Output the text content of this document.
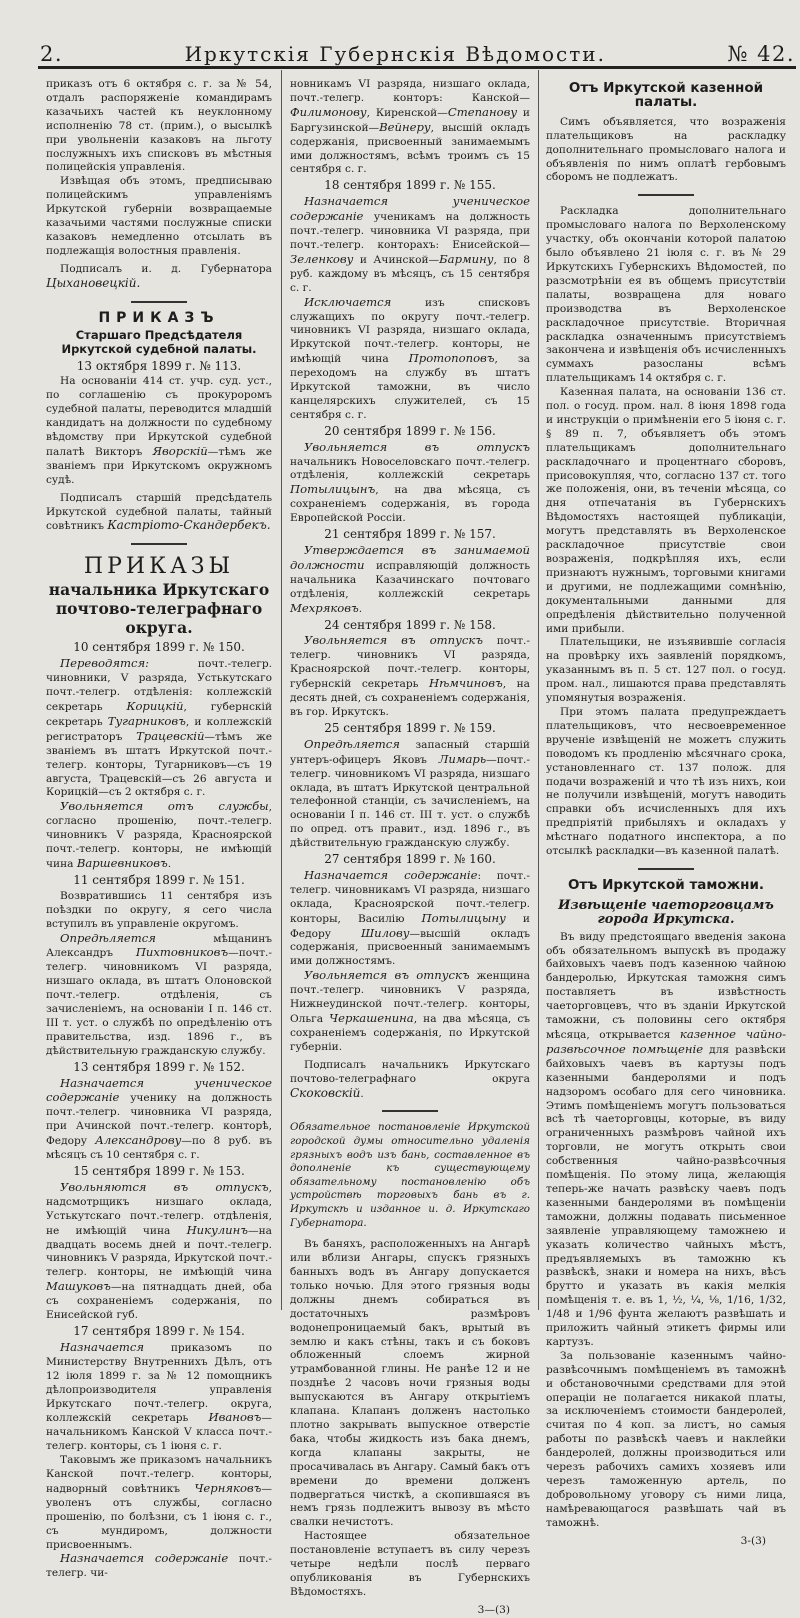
2.	Иркутскія Губернскія Вѣдомости.	№ 42.
приказъ отъ 6 октября с. г. за № 54, отдалъ распоряженіе командирамъ казачьихъ частей къ неуклонному исполненію 78 ст. (прим.), о высылкѣ при увольненіи казаковъ на льготу послужныхъ ихъ списковъ въ мѣстныя полицейскія управленія.
Извѣщая объ этомъ, предписываю полицейскимъ управленіямъ Иркутской губерніи возвращаемые казачьими частями послужные списки казаковъ немедленно отсылать въ подлежащія волостныя правленія.
Подписалъ и. д. Губернатора Цыхановецкій.
ПРИКАЗЪ
Старшаго Предсѣдателя Иркутской судебной палаты.
13 октября 1899 г. № 113.
На основаніи 414 ст. учр. суд. уст., по соглашенію съ прокуроромъ судебной палаты, переводится младшій кандидатъ на должности по судебному вѣдомству при Иркутской судебной палатѣ Викторъ Яворскій—тѣмъ же званіемъ при Иркутскомъ окружномъ судѣ.
Подписалъ старшій предсѣдатель Иркутской судебной палаты, тайный совѣтникъ Кастріото-Скандербекъ.
ПРИКАЗЫ
начальника Иркутскаго почтово-телеграфнаго округа.
10 сентября 1899 г. № 150.
Переводятся: почт.-телегр. чиновники, V разряда, Устькутскаго почт.-телегр. отдѣленія: коллежскій секретарь Корицкій, губернскій секретарь Тугарниковъ, и коллежскій регистраторъ Трацевскій—тѣмъ же званіемъ въ штатъ Иркутской почт.-телегр. конторы, Тугарниковъ—съ 19 августа, Трацевскій—съ 26 августа и Корицкій—съ 2 октября с. г.
Увольняется отъ службы, согласно прошенію, почт.-телегр. чиновникъ V разряда, Красноярской почт.-телегр. конторы, не имѣющій чина Варшевниковъ.
11 сентября 1899 г. № 151.
Возвратившись 11 сентября изъ поѣздки по округу, я сего числа вступилъ въ управленіе округомъ.
Опредѣляется мѣщанинъ Александръ Пихтовниковъ—почт.-телегр. чиновникомъ VI разряда, низшаго оклада, въ штатъ Олоновской почт.-телегр. отдѣленія, съ зачисленіемъ, на основаніи I п. 146 ст. III т. уст. о службѣ по опредѣленію отъ правительства, изд. 1896 г., въ дѣйствительную гражданскую службу.
13 сентября 1899 г. № 152.
Назначается ученическое содержаніе ученику на должность почт.-телегр. чиновника VI разряда, при Ачинской почт.-телегр. конторѣ, Федору Александрову—по 8 руб. въ мѣсяцъ съ 10 сентября с. г.
15 сентября 1899 г. № 153.
Увольняются въ отпускъ, надсмотрщикъ низшаго оклада, Устькутскаго почт.-телегр. отдѣленія, не имѣющій чина Никулинъ—на двадцать восемь дней и почт.-телегр. чиновникъ V разряда, Иркутской почт.-телегр. конторы, не имѣющій чина Машуковъ—на пятнадцать дней, оба съ сохраненіемъ содержанія, по Енисейской губ.
17 сентября 1899 г. № 154.
Назначается приказомъ по Министерству Внутреннихъ Дѣлъ, отъ 12 іюля 1899 г. за № 12 помощникъ дѣлопроизводителя управленія Иркутскаго почт.-телегр. округа, коллежскій секретарь Ивановъ—начальникомъ Канской V класса почт.-телегр. конторы, съ 1 іюня с. г.
Таковымъ же приказомъ начальникъ Канской почт.-телегр. конторы, надворный совѣтникъ Черняковъ—уволенъ отъ службы, согласно прошенію, по болѣзни, съ 1 іюня с. г., съ мундиромъ, должности присвоеннымъ.
Назначается содержаніе почт.-телегр. чи-
новникамъ VI разряда, низшаго оклада, почт.-телегр. конторъ: Канской—Филимонову, Киренской—Степанову и Баргузинской—Вейнеру, высшій окладъ содержанія, присвоенный занимаемымъ ими должностямъ, всѣмъ троимъ съ 15 сентября с. г.
18 сентября 1899 г. № 155.
Назначается ученическое содержаніе ученикамъ на должность почт.-телегр. чиновника VI разряда, при почт.-телегр. конторахъ: Енисейской—Зеленкову и Ачинской—Бармину, по 8 руб. каждому въ мѣсяцъ, съ 15 сентября с. г.
Исключается изъ списковъ служащихъ по округу почт.-телегр. чиновникъ VI разряда, низшаго оклада, Иркутской почт.-телегр. конторы, не имѣющій чина Протопоповъ, за переходомъ на службу въ штатъ Иркутской таможни, въ число канцелярскихъ служителей, съ 15 сентября с. г.
20 сентября 1899 г. № 156.
Увольняется въ отпускъ начальникъ Новоселовскаго почт.-телегр. отдѣленія, коллежскій секретарь Потылицынъ, на два мѣсяца, съ сохраненіемъ содержанія, въ города Европейской Россіи.
21 сентября 1899 г. № 157.
Утверждается въ занимаемой должности исправляющій должность начальника Казачинскаго почтоваго отдѣленія, коллежскій секретарь Мехряковъ.
24 сентября 1899 г. № 158.
Увольняется въ отпускъ почт.-телегр. чиновникъ VI разряда, Красноярской почт.-телегр. конторы, губернскій секретарь Нѣмчиновъ, на десять дней, съ сохраненіемъ содержанія, въ гор. Иркутскъ.
25 сентября 1899 г. № 159.
Опредѣляется запасный старшій унтеръ-офицеръ Яковъ Лимарь—почт.-телегр. чиновникомъ VI разряда, низшаго оклада, въ штатъ Иркутской центральной телефонной станціи, съ зачисленіемъ, на основаніи I п. 146 ст. III т. уст. о службѣ по опред. отъ правит., изд. 1896 г., въ дѣйствительную гражданскую службу.
27 сентября 1899 г. № 160.
Назначается содержаніе: почт.-телегр. чиновникамъ VI разряда, низшаго оклада, Красноярской почт.-телегр. конторы, Василію Потылицыну и Федору Шилову—высшій окладъ содержанія, присвоенный занимаемымъ ими должностямъ.
Увольняется въ отпускъ женщина почт.-телегр. чиновникъ V разряда, Нижнеудинской почт.-телегр. конторы, Ольга Черкашенина, на два мѣсяца, съ сохраненіемъ содержанія, по Иркутской губерніи.
Подписалъ начальникъ Иркутскаго почтово-телеграфнаго округа Скоковскій.
Обязательное постановленіе Иркутской городской думы относительно удаленія грязныхъ водъ изъ бань, составленное въ дополненіе къ существующему обязательному постановленію объ устройствѣ торговыхъ бань въ г. Иркутскѣ и изданное и. д. Иркутскаго Губернатора.
Въ баняхъ, расположенныхъ на Ангарѣ или вблизи Ангары, спускъ грязныхъ банныхъ водъ въ Ангару допускается только ночью. Для этого грязныя воды должны днемъ собираться въ достаточныхъ размѣровъ водонепроницаемый бакъ, врытый въ землю и какъ стѣны, такъ и съ боковъ обложенный слоемъ жирной утрамбованной глины. Не ранѣе 12 и не позднѣе 2 часовъ ночи грязныя воды выпускаются въ Ангару открытіемъ клапана. Клапанъ долженъ настолько плотно закрывать выпускное отверстіе бака, чтобы жидкость изъ бака днемъ, когда клапаны закрыты, не просачивалась въ Ангару. Самый бакъ отъ времени до времени долженъ подвергаться чисткѣ, а скопившаяся въ немъ грязь подлежитъ вывозу въ мѣсто свалки нечистотъ.
Настоящее обязательное постановленіе вступаетъ въ силу черезъ четыре недѣли послѣ перваго опубликованія въ Губернскихъ Вѣдомостяхъ.
3—(3)
Отъ Иркутской казенной палаты.
Симъ объявляется, что возраженія плательщиковъ на раскладку дополнительнаго промысловаго налога и объявленія по нимъ оплатѣ гербовымъ сборомъ не подлежатъ.
Раскладка дополнительнаго промысловаго налога по Верхоленскому участку, объ окончаніи которой палатою было объявлено 21 іюля с. г. въ № 29 Иркутскихъ Губернскихъ Вѣдомостей, по разсмотрѣніи ея въ общемъ присутствіи палаты, возвращена для новаго производства въ Верхоленское раскладочное присутствіе. Вторичная раскладка означеннымъ присутствіемъ закончена и извѣщенія объ исчисленныхъ суммахъ разосланы всѣмъ плательщикамъ 14 октября с. г.
Казенная палата, на основаніи 136 ст. пол. о госуд. пром. нал. 8 іюня 1898 года и инструкціи о примѣненіи его 5 іюня с. г. § 89 п. 7, объявляетъ объ этомъ плательщикамъ дополнительнаго раскладочнаго и процентнаго сборовъ, присовокупляя, что, согласно 137 ст. того же положенія, они, въ теченіи мѣсяца, со дня отпечатанія въ Губернскихъ Вѣдомостяхъ настоящей публикаціи, могутъ представлять въ Верхоленское раскладочное присутствіе свои возраженія, подкрѣпляя ихъ, если признаютъ нужнымъ, торговыми книгами и другими, не подлежащими сомнѣнію, документальными данными для опредѣленія дѣйствительно полученной ими прибыли.
Плательщики, не изъявившіе согласія на провѣрку ихъ заявленій порядкомъ, указаннымъ въ п. 5 ст. 127 пол. о госуд. пром. нал., лишаются права представлять упомянутыя возраженія.
При этомъ палата предупреждаетъ плательщиковъ, что несвоевременное врученіе извѣщеній не можетъ служить поводомъ къ продленію мѣсячнаго срока, установленнаго ст. 137 полож. для подачи возраженій и что тѣ изъ нихъ, кои не получили извѣщеній, могутъ наводить справки объ исчисленныхъ для ихъ предпріятій прибыляхъ и окладахъ у мѣстнаго податного инспектора, а по отсылкѣ раскладки—въ казенной палатѣ.
Отъ Иркутской таможни.
Извѣщеніе чаеторговцамъ города Иркутска.
Въ виду предстоящаго введенія закона объ обязательномъ выпускѣ въ продажу байховыхъ чаевъ подъ казенною чайною бандеролью, Иркутская таможня симъ поставляетъ въ извѣстность чаеторговцевъ, что въ зданіи Иркутской таможни, съ половины сего октября мѣсяца, открывается казенное чайно-развѣсочное помѣщеніе для развѣски байховыхъ чаевъ въ картузы подъ казенными бандеролями и подъ надзоромъ особаго для сего чиновника. Этимъ помѣщеніемъ могутъ пользоваться всѣ тѣ чаеторговцы, которые, въ виду ограниченныхъ размѣровъ чайной ихъ торговли, не могутъ открыть свои собственныя чайно-развѣсочныя помѣщенія. По этому лица, желающія теперь-же начать развѣску чаевъ подъ казенными бандеролями въ помѣщеніи таможни, должны подавать письменное заявленіе управляющему таможнею и указать количество чайныхъ мѣстъ, предъявляемыхъ въ таможню къ развѣскѣ, знаки и номера на нихъ, вѣсъ брутто и указать въ какія мелкія помѣщенія т. е. въ 1, ½, ¼, ⅛, 1/16, 1/32, 1/48 и 1/96 фунта желаютъ развѣшать и приложить чайный этикетъ фирмы или картузъ.
За пользованіе казеннымъ чайно-развѣсочнымъ помѣщеніемъ въ таможнѣ и обстановочными средствами для этой операціи не полагается никакой платы, за исключеніемъ стоимости бандеролей, считая по 4 коп. за листъ, но самыя работы по развѣскѣ чаевъ и наклейки бандеролей, должны производиться или черезъ рабочихъ самихъ хозяевъ или черезъ таможенную артель, по добровольному уговору съ ними лица, намѣревающагося развѣшать чай въ таможнѣ.
3-(3)
